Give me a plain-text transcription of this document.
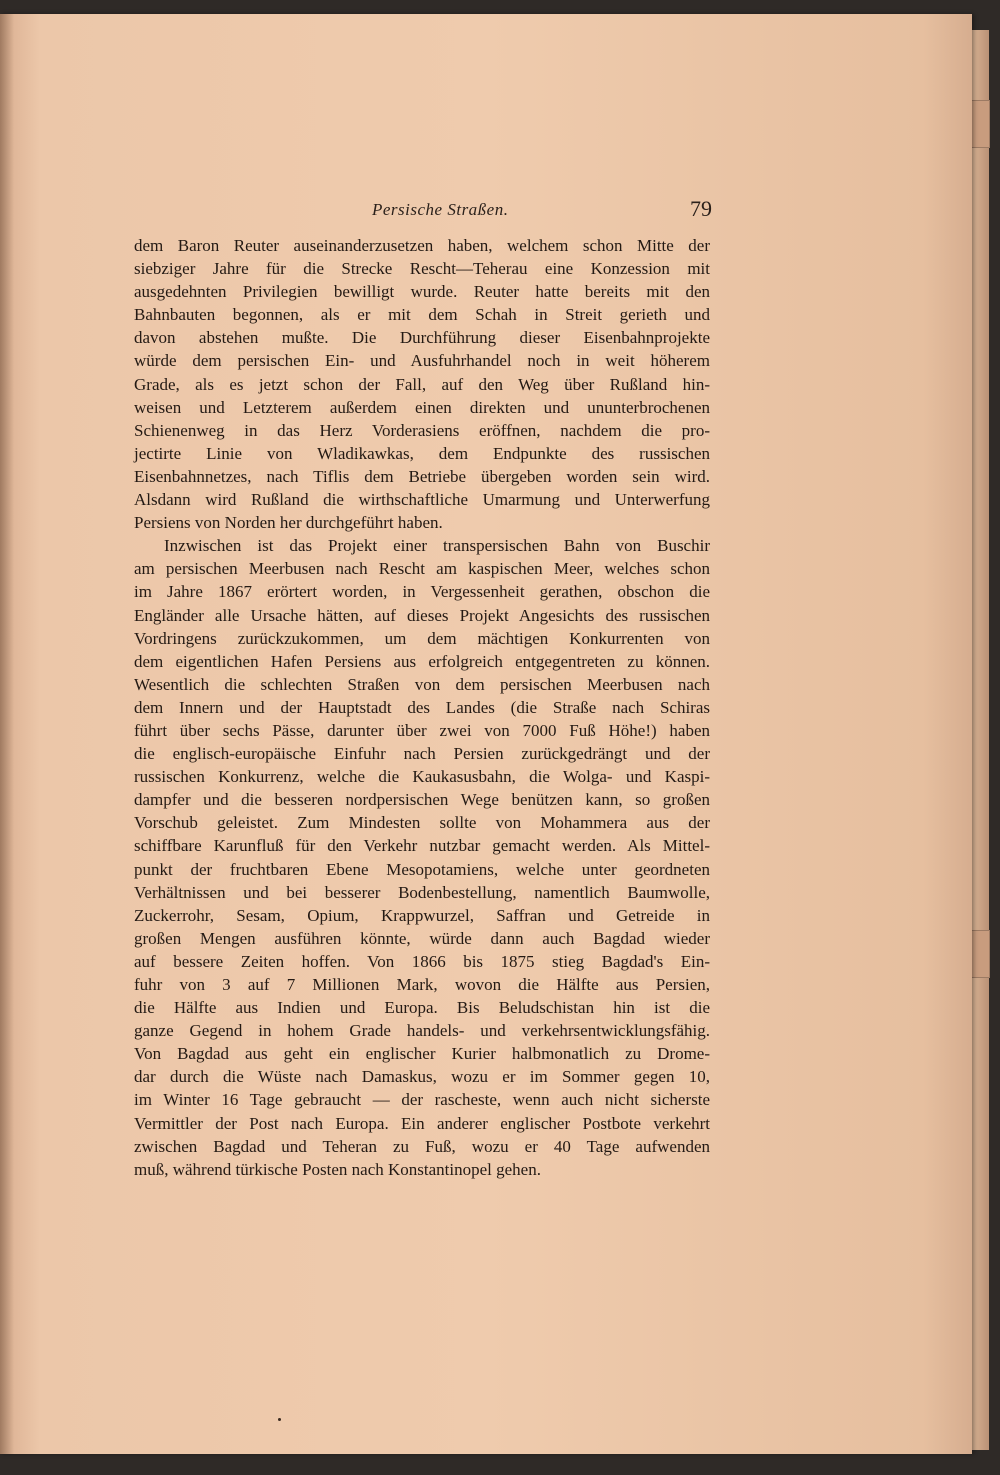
Persische Straßen.	79
dem Baron Reuter auseinanderzusetzen haben, welchem schon Mitte der
siebziger Jahre für die Strecke Rescht—Teherau eine Konzession mit
ausgedehnten Privilegien bewilligt wurde. Reuter hatte bereits mit den
Bahnbauten begonnen, als er mit dem Schah in Streit gerieth und
davon abstehen mußte. Die Durchführung dieser Eisenbahnprojekte
würde dem persischen Ein- und Ausfuhrhandel noch in weit höherem
Grade, als es jetzt schon der Fall, auf den Weg über Rußland hin-
weisen und Letzterem außerdem einen direkten und ununterbrochenen
Schienenweg in das Herz Vorderasiens eröffnen, nachdem die pro-
jectirte Linie von Wladikawkas, dem Endpunkte des russischen
Eisenbahnnetzes, nach Tiflis dem Betriebe übergeben worden sein wird.
Alsdann wird Rußland die wirthschaftliche Umarmung und Unterwerfung
Persiens von Norden her durchgeführt haben.
Inzwischen ist das Projekt einer transpersischen Bahn von Buschir
am persischen Meerbusen nach Rescht am kaspischen Meer, welches schon
im Jahre 1867 erörtert worden, in Vergessenheit gerathen, obschon die
Engländer alle Ursache hätten, auf dieses Projekt Angesichts des russischen
Vordringens zurückzukommen, um dem mächtigen Konkurrenten von
dem eigentlichen Hafen Persiens aus erfolgreich entgegentreten zu können.
Wesentlich die schlechten Straßen von dem persischen Meerbusen nach
dem Innern und der Hauptstadt des Landes (die Straße nach Schiras
führt über sechs Pässe, darunter über zwei von 7000 Fuß Höhe!) haben
die englisch-europäische Einfuhr nach Persien zurückgedrängt und der
russischen Konkurrenz, welche die Kaukasusbahn, die Wolga- und Kaspi-
dampfer und die besseren nordpersischen Wege benützen kann, so großen
Vorschub geleistet. Zum Mindesten sollte von Mohammera aus der
schiffbare Karunfluß für den Verkehr nutzbar gemacht werden. Als Mittel-
punkt der fruchtbaren Ebene Mesopotamiens, welche unter geordneten
Verhältnissen und bei besserer Bodenbestellung, namentlich Baumwolle,
Zuckerrohr, Sesam, Opium, Krappwurzel, Saffran und Getreide in
großen Mengen ausführen könnte, würde dann auch Bagdad wieder
auf bessere Zeiten hoffen. Von 1866 bis 1875 stieg Bagdad's Ein-
fuhr von 3 auf 7 Millionen Mark, wovon die Hälfte aus Persien,
die Hälfte aus Indien und Europa. Bis Beludschistan hin ist die
ganze Gegend in hohem Grade handels- und verkehrsentwicklungsfähig.
Von Bagdad aus geht ein englischer Kurier halbmonatlich zu Drome-
dar durch die Wüste nach Damaskus, wozu er im Sommer gegen 10,
im Winter 16 Tage gebraucht — der rascheste, wenn auch nicht sicherste
Vermittler der Post nach Europa. Ein anderer englischer Postbote verkehrt
zwischen Bagdad und Teheran zu Fuß, wozu er 40 Tage aufwenden
muß, während türkische Posten nach Konstantinopel gehen.
